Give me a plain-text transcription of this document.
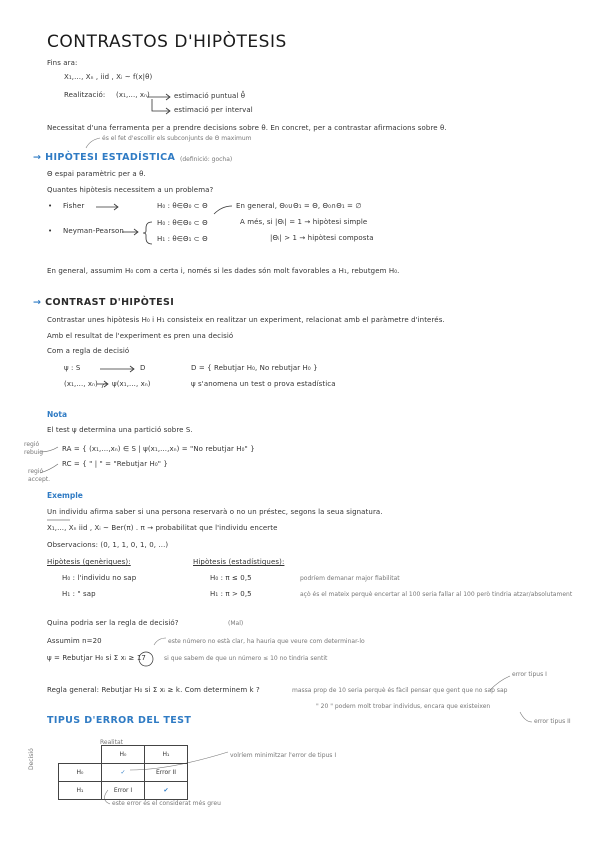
CONTRASTOS D'HIPÒTESIS
Fins ara:
X₁,..., Xₙ , iid , Xᵢ ~ f(x|θ)
Realització: (x₁,..., xₙ)	estimació puntual θ̂
estimació per interval
Necessitat d'una ferramenta per a prendre decisions sobre θ. En concret, per a contrastar afirmacions sobre θ.
és el fet d'escollir els subconjunts de Θ maximum
→ HIPÒTESI ESTADÍSTICA (definició: gocha)
Θ espai paramètric per a θ.
Quantes hipòtesis necessitem a un problema?
• Fisher	H₀ : θ∈Θ₀ ⊂ Θ
• Neyman-Pearson
H₀ : θ∈Θ₀ ⊂ Θ
H₁ : θ∈Θ₁ ⊂ Θ
En general, Θ₀∪Θ₁ = Θ, Θ₀∩Θ₁ = ∅
A més, si |Θᵢ| = 1 → hipòtesi simple
|Θᵢ| > 1 → hipòtesi composta
En general, assumim H₀ com a certa i, només si les dades són molt favorables a H₁, rebutgem H₀.
→ CONTRAST D'HIPÒTESI
Contrastar unes hipòtesis H₀ i H₁ consisteix en realitzar un experiment, relacionat amb el paràmetre d'interés.
Amb el resultat de l'experiment es pren una decisió
Com a regla de decisió
ψ : S	D	D = { Rebutjar H₀, No rebutjar H₀ }
(x₁,..., xₙ) ψ(x₁,..., xₙ)	ψ s'anomena un test o prova estadística
Nota
El test ψ determina una partició sobre S.
regió rebuig	RA = { (x₁,...,xₙ) ∈ S | ψ(x₁,...,xₙ) = "No rebutjar H₀" }
regió accept.
RC = { " | " = "Rebutjar H₀" }
Exemple
Un individu afirma saber si una persona reservarà o no un préstec, segons la seua signatura.
X₁,..., Xₙ iid , Xᵢ ~ Ber(π) . π → probabilitat que l'individu encerte
Observacions: (0, 1, 1, 0, 1, 0, ...)
Hipòtesis (genèriques):	Hipòtesis (estadístiques):
H₀ : l'individu no sap
H₁ : " sap
H₀ : π ≤ 0,5
H₁ : π > 0,5
podríem demanar major fiabilitat
açò és el mateix perquè encertar al 100 seria fallar al 100 però tindria atzar/absolutament
Quina podria ser la regla de decisió?	(Mal)
Assumim n=20	este número no està clar, ha hauria que veure com determinar-lo
ψ = Rebutjar H₀ si Σ xᵢ ≥ 17	si que sabem de que un número ≤ 10 no tindria sentit
Regla general: Rebutjar H₀ si Σ xᵢ ≥ k. Com determinem k ?	massa prop de 10 seria perquè és fàcil pensar que gent que no sap sap
" 20 " podem molt trobar individus, encara que existeixen
error tipus I
error tipus II
TIPUS D'ERROR DEL TEST
Realitat
Decisió
		H₀	H₁
H₀	✓	Error II
H₁	Error I	✔
volríem minimitzar l'error de tipus I
este error és el considerat més greu
